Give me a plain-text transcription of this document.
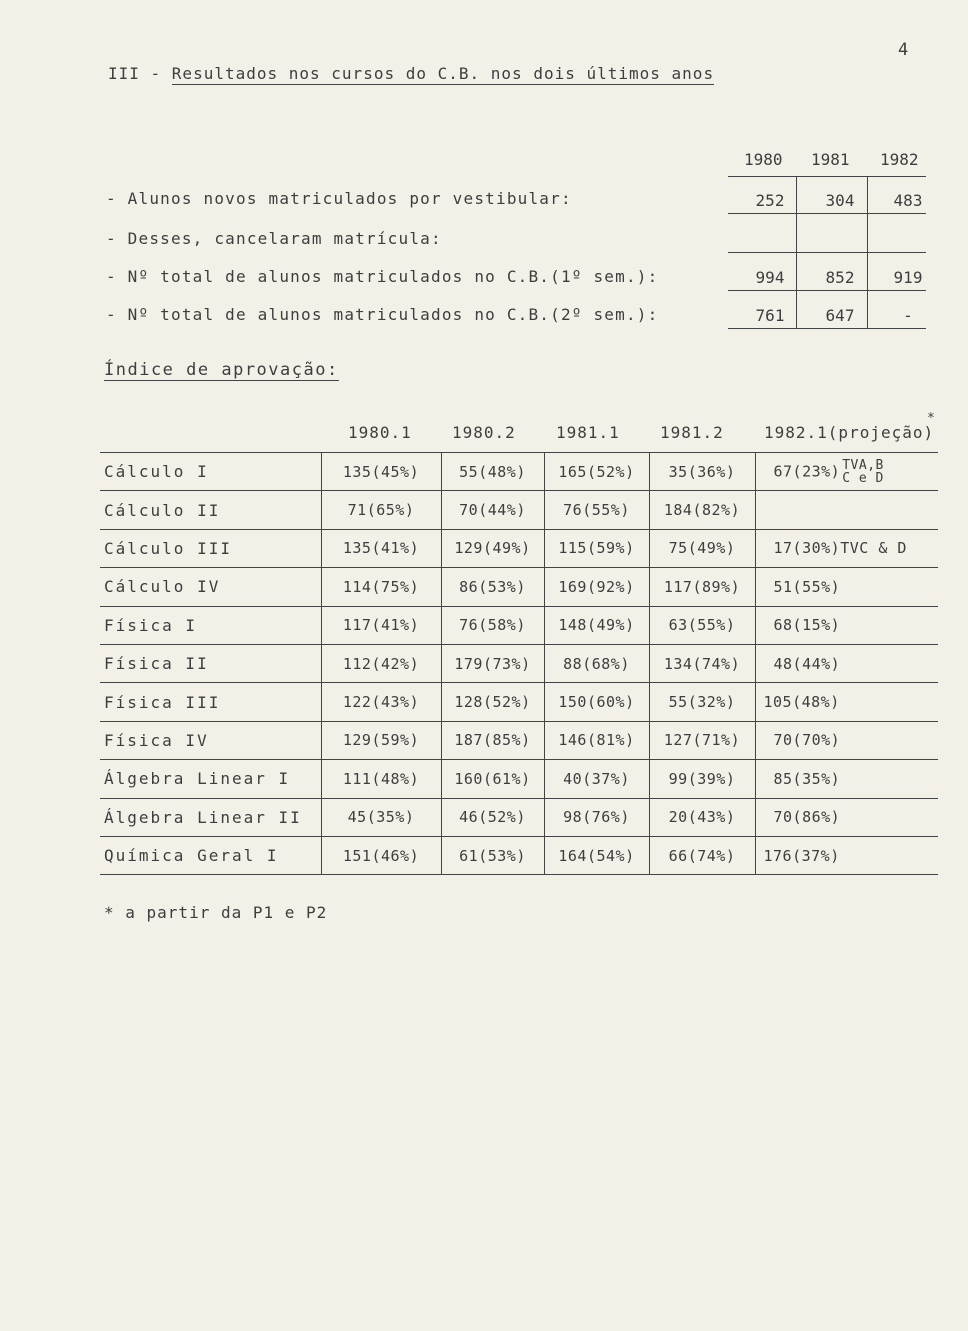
4
III - Resultados nos cursos do C.B. nos dois últimos anos
1980 1981 1982
- Alunos novos matriculados por vestibular:	252	304	483
- Desses, cancelaram matrícula:
- Nº total de alunos matriculados no C.B.(1º sem.):	994	852	919
- Nº total de alunos matriculados no C.B.(2º sem.):	761	647	-
Índice de aprovação:
1980.1	1980.2	1981.1	1981.2	1982.1(projeção)
*
Cálculo I	135(45%)	55(48%)	165(52%)	35(36%)	67(23%) TVA,B
C e D
Cálculo II	71(65%)	70(44%)	76(55%)	184(82%)	
Cálculo III	135(41%)	129(49%)	115(59%)	75(49%)	17(30%)TVC & D
Cálculo IV	114(75%)	86(53%)	169(92%)	117(89%)	51(55%)
Física I	117(41%)	76(58%)	148(49%)	63(55%)	68(15%)
Física II	112(42%)	179(73%)	88(68%)	134(74%)	48(44%)
Física III	122(43%)	128(52%)	150(60%)	55(32%)	105(48%)
Física IV	129(59%)	187(85%)	146(81%)	127(71%)	70(70%)
Álgebra Linear I	111(48%)	160(61%)	40(37%)	99(39%)	85(35%)
Álgebra Linear II	45(35%)	46(52%)	98(76%)	20(43%)	70(86%)
Química Geral I	151(46%)	61(53%)	164(54%)	66(74%)	176(37%)
* a partir da P1 e P2
